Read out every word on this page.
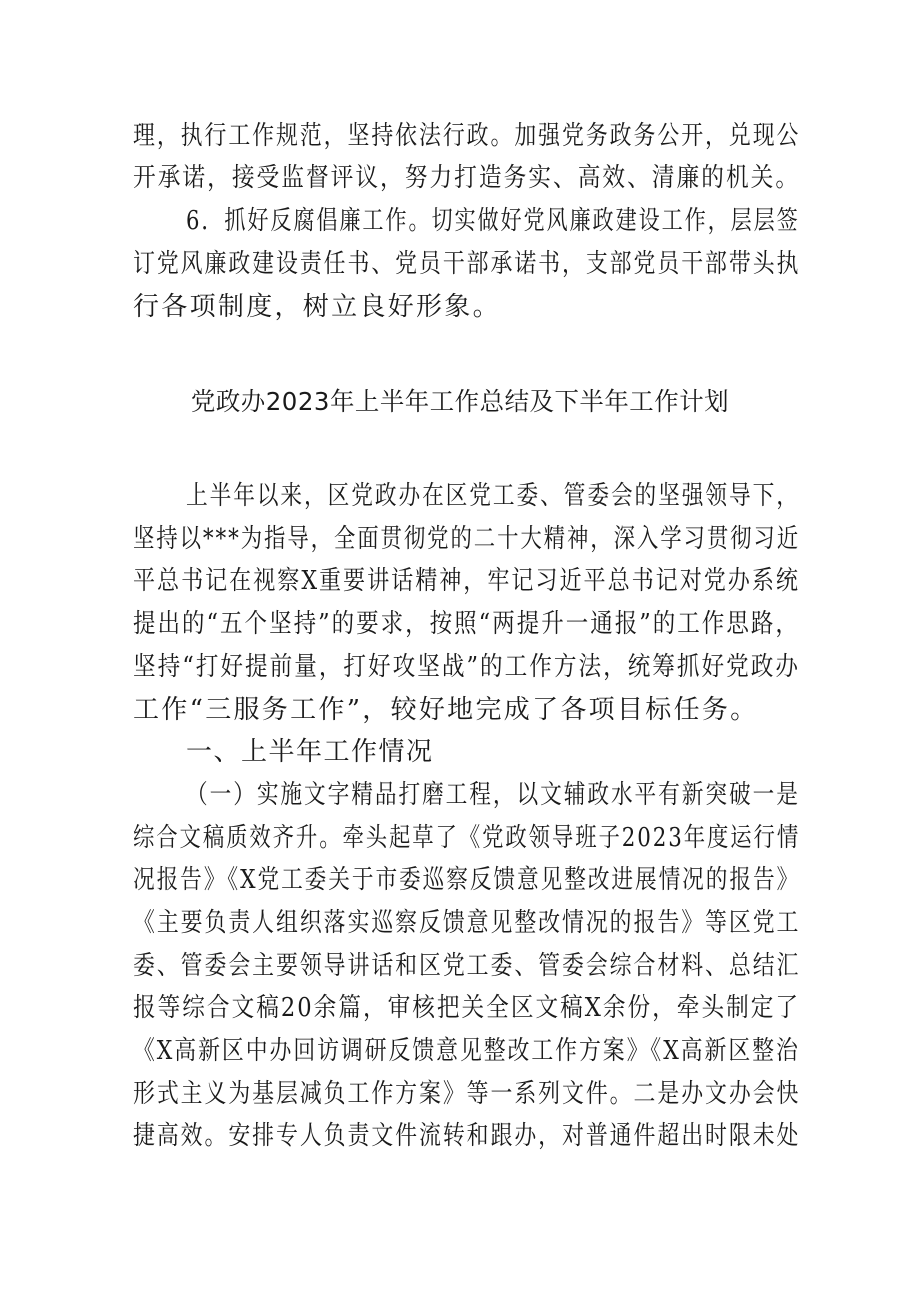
理，执行工作规范，坚持依法行政。加强党务政务公开，兑现公
开承诺，接受监督评议，努力打造务实、高效、清廉的机关。
6．抓好反腐倡廉工作。切实做好党风廉政建设工作，层层签
订党风廉政建设责任书、党员干部承诺书，支部党员干部带头执
行各项制度，树立良好形象。
党政办2023年上半年工作总结及下半年工作计划
上半年以来，区党政办在区党工委、管委会的坚强领导下，
坚持以***为指导，全面贯彻党的二十大精神，深入学习贯彻习近
平总书记在视察X重要讲话精神，牢记习近平总书记对党办系统
提出的“五个坚持”的要求，按照“两提升一通报”的工作思路，
坚持“打好提前量，打好攻坚战”的工作方法，统筹抓好党政办
工作“三服务工作”，较好地完成了各项目标任务。
一、上半年工作情况
（一）实施文字精品打磨工程，以文辅政水平有新突破一是
综合文稿质效齐升。牵头起草了《党政领导班子2023年度运行情
况报告》《X党工委关于市委巡察反馈意见整改进展情况的报告》
《主要负责人组织落实巡察反馈意见整改情况的报告》等区党工
委、管委会主要领导讲话和区党工委、管委会综合材料、总结汇
报等综合文稿20余篇，审核把关全区文稿X余份，牵头制定了
《X高新区中办回访调研反馈意见整改工作方案》《X高新区整治
形式主义为基层减负工作方案》等一系列文件。二是办文办会快
捷高效。安排专人负责文件流转和跟办，对普通件超出时限未处
